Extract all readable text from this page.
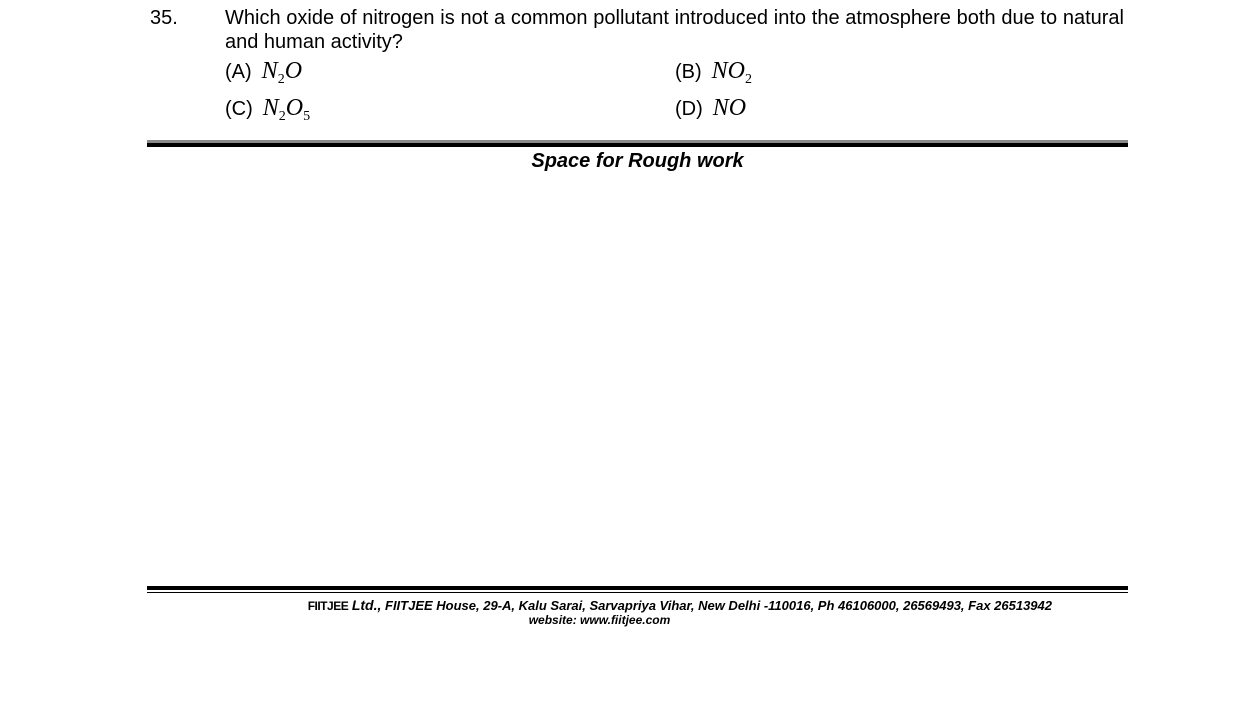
35. Which oxide of nitrogen is not a common pollutant introduced into the atmosphere both due to natural and human activity?
(A) $N_2O$	(B) $NO_2$
(C) $N_2O_5$	(D) NO
Space for Rough work
FIITJEE Ltd., FIITJEE House, 29-A, Kalu Sarai, Sarvapriya Vihar, New Delhi -110016, Ph 46106000, 26569493, Fax 26513942
website: www.fiitjee.com
